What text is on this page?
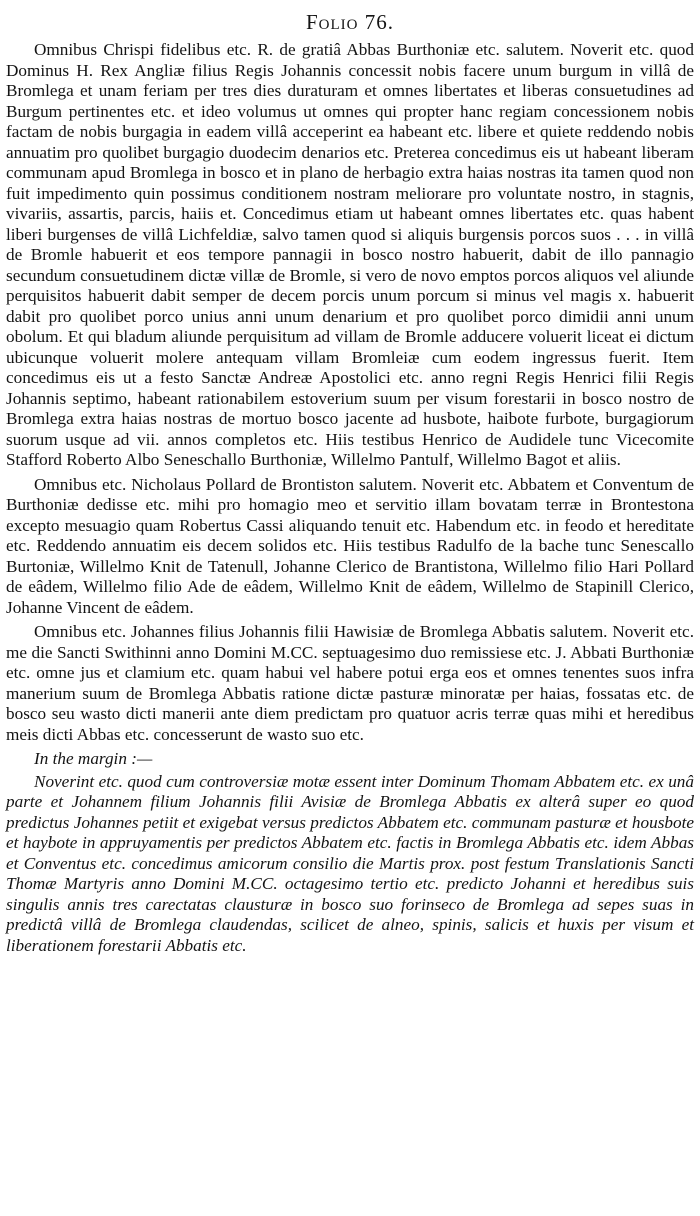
Folio 76.

Omnibus Chrispi fidelibus etc. R. de gratiâ Abbas Burthoniæ etc. salutem. Noverit etc. quod Dominus H. Rex Angliæ filius Regis Johannis concessit nobis facere unum burgum in villâ de Bromlega et unam feriam per tres dies duraturam et omnes libertates et liberas consuetudines ad Burgum pertinentes etc. et ideo volumus ut omnes qui propter hanc regiam concessionem nobis factam de nobis burgagia in eadem villâ acceperint ea habeant etc. libere et quiete reddendo nobis annuatim pro quolibet burgagio duodecim denarios etc. Preterea concedimus eis ut habeant liberam communam apud Bromlega in bosco et in plano de herbagio extra haias nostras ita tamen quod non fuit impedimento quin possimus conditionem nostram meliorare pro voluntate nostro, in stagnis, vivariis, assartis, parcis, haiis et. Concedimus etiam ut habeant omnes libertates etc. quas habent liberi burgenses de villâ Lichfeldiæ, salvo tamen quod si aliquis burgensis porcos suos . . . in villâ de Bromle habuerit et eos tempore pannagii in bosco nostro habuerit, dabit de illo pannagio secundum consuetudinem dictæ villæ de Bromle, si vero de novo emptos porcos aliquos vel aliunde perquisitos habuerit dabit semper de decem porcis unum porcum si minus vel magis x. habuerit dabit pro quolibet porco unius anni unum denarium et pro quolibet porco dimidii anni unum obolum. Et qui bladum aliunde perquisitum ad villam de Bromle adducere voluerit liceat ei dictum ubicunque voluerit molere antequam villam Bromleiæ cum eodem ingressus fuerit. Item concedimus eis ut a festo Sanctæ Andreæ Apostolici etc. anno regni Regis Henrici filii Regis Johannis septimo, habeant rationabilem estoverium suum per visum forestarii in bosco nostro de Bromlega extra haias nostras de mortuo bosco jacente ad husbote, haibote furbote, burgagiorum suorum usque ad vii. annos completos etc. Hiis testibus Henrico de Audidele tunc Vicecomite Stafford Roberto Albo Seneschallo Burthoniæ, Willelmo Pantulf, Willelmo Bagot et aliis.

Omnibus etc. Nicholaus Pollard de Brontiston salutem. Noverit etc. Abbatem et Conventum de Burthoniæ dedisse etc. mihi pro homagio meo et servitio illam bovatam terræ in Brontestona excepto mesuagio quam Robertus Cassi aliquando tenuit etc. Habendum etc. in feodo et hereditate etc. Reddendo annuatim eis decem solidos etc. Hiis testibus Radulfo de la bache tunc Senescallo Burtoniæ, Willelmo Knit de Tatenull, Johanne Clerico de Brantistona, Willelmo filio Hari Pollard de eâdem, Willelmo filio Ade de eâdem, Willelmo Knit de eâdem, Willelmo de Stapinill Clerico, Johanne Vincent de eâdem.

Omnibus etc. Johannes filius Johannis filii Hawisiæ de Bromlega Abbatis salutem. Noverit etc. me die Sancti Swithinni anno Domini M.CC. septuagesimo duo remissiese etc. J. Abbati Burthoniæ etc. omne jus et clamium etc. quam habui vel habere potui erga eos et omnes tenentes suos infra manerium suum de Bromlega Abbatis ratione dictæ pasturæ minoratæ per haias, fossatas etc. de bosco seu wasto dicti manerii ante diem predictam pro quatuor acris terræ quas mihi et heredibus meis dicti Abbas etc. concesserunt de wasto suo etc.

In the margin :—

Noverint etc. quod cum controversiæ motæ essent inter Dominum Thomam Abbatem etc. ex unâ parte et Johannem filium Johannis filii Avisiæ de Bromlega Abbatis ex alterâ super eo quod predictus Johannes petiit et exigebat versus predictos Abbatem etc. communam pasturæ et housbote et haybote in appruyamentis per predictos Abbatem etc. factis in Bromlega Abbatis etc. idem Abbas et Conventus etc. concedimus amicorum consilio die Martis prox. post festum Translationis Sancti Thomæ Martyris anno Domini M.CC. octagesimo tertio etc. predicto Johanni et heredibus suis singulis annis tres carectatas clausturæ in bosco suo forinseco de Bromlega ad sepes suas in predictâ villâ de Bromlega claudendas, scilicet de alneo, spinis, salicis et huxis per visum et liberationem forestarii Abbatis etc.
